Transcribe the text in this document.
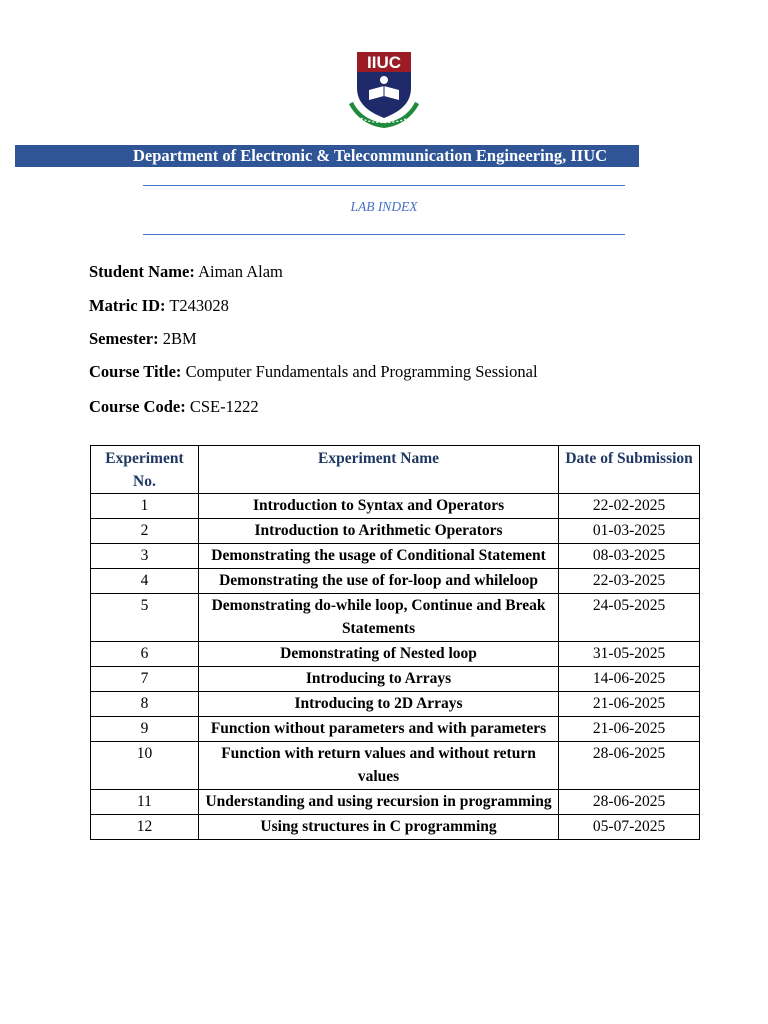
IIUC
Department of Electronic & Telecommunication Engineering, IIUC
LAB INDEX
Student Name: Aiman Alam
Matric ID: T243028
Semester: 2BM
Course Title: Computer Fundamentals and Programming Sessional
Course Code: CSE-1222
Experiment No.	Experiment Name	Date of Submission
1	Introduction to Syntax and Operators	22-02-2025
2	Introduction to Arithmetic Operators	01-03-2025
3	Demonstrating the usage of Conditional Statement	08-03-2025
4	Demonstrating the use of for-loop and whileloop	22-03-2025
5	Demonstrating do-while loop, Continue and Break Statements	24-05-2025
6	Demonstrating of Nested loop	31-05-2025
7	Introducing to Arrays	14-06-2025
8	Introducing to 2D Arrays	21-06-2025
9	Function without parameters and with parameters	21-06-2025
10	Function with return values and without return values	28-06-2025
11	Understanding and using recursion in programming	28-06-2025
12	Using structures in C programming	05-07-2025
